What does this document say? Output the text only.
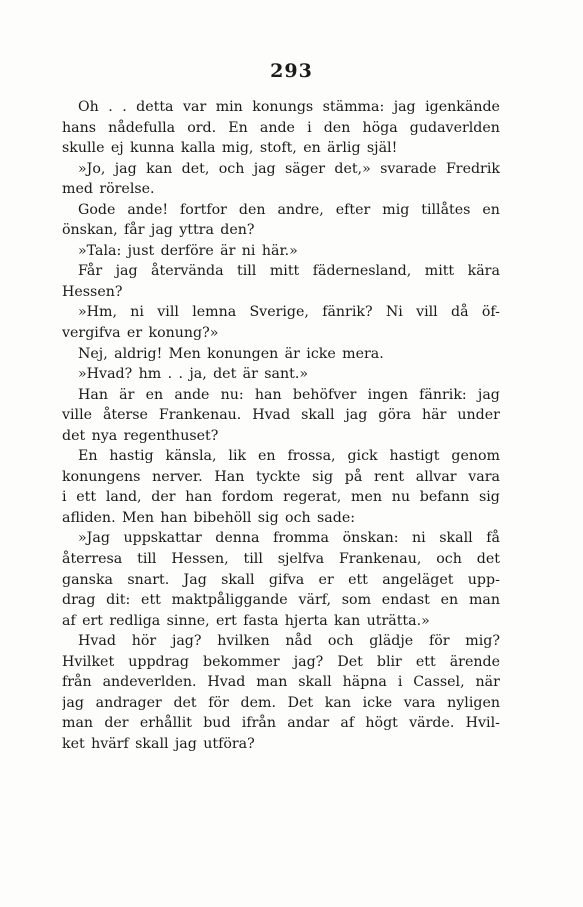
293
Oh . . detta var min konungs stämma: jag igenkände
hans nådefulla ord. En ande i den höga gudaverlden
skulle ej kunna kalla mig, stoft, en ärlig själ!
»Jo, jag kan det, och jag säger det,» svarade Fredrik
med rörelse.
Gode ande! fortfor den andre, efter mig tillåtes en
önskan, får jag yttra den?
»Tala: just derföre är ni här.»
Får jag återvända till mitt fädernesland, mitt kära
Hessen?
»Hm, ni vill lemna Sverige, fänrik? Ni vill då öf-
vergifva er konung?»
Nej, aldrig! Men konungen är icke mera.
»Hvad? hm . . ja, det är sant.»
Han är en ande nu: han behöfver ingen fänrik: jag
ville återse Frankenau. Hvad skall jag göra här under
det nya regenthuset?
En hastig känsla, lik en frossa, gick hastigt genom
konungens nerver. Han tyckte sig på rent allvar vara
i ett land, der han fordom regerat, men nu befann sig
afliden. Men han bibehöll sig och sade:
»Jag uppskattar denna fromma önskan: ni skall få
återresa till Hessen, till sjelfva Frankenau, och det
ganska snart. Jag skall gifva er ett angeläget upp-
drag dit: ett maktpåliggande värf, som endast en man
af ert redliga sinne, ert fasta hjerta kan uträtta.»
Hvad hör jag? hvilken nåd och glädje för mig?
Hvilket uppdrag bekommer jag? Det blir ett ärende
från andeverlden. Hvad man skall häpna i Cassel, när
jag andrager det för dem. Det kan icke vara nyligen
man der erhållit bud ifrån andar af högt värde. Hvil-
ket hvärf skall jag utföra?
